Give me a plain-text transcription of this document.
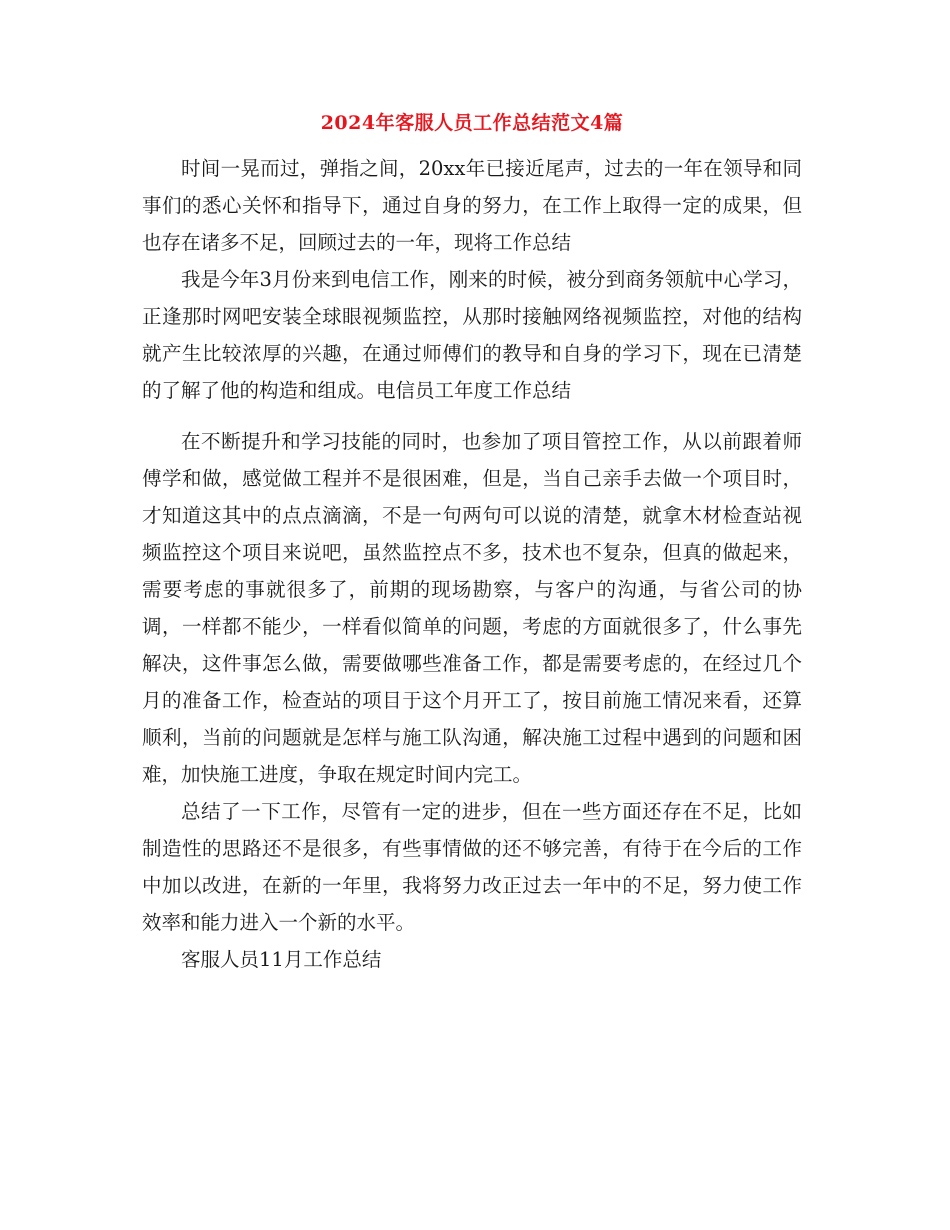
2024年客服人员工作总结范文4篇

时间一晃而过，弹指之间，20xx年已接近尾声，过去的一年在领导和同事们的悉心关怀和指导下，通过自身的努力，在工作上取得一定的成果，但也存在诸多不足，回顾过去的一年，现将工作总结

我是今年3月份来到电信工作，刚来的时候，被分到商务领航中心学习，正逢那时网吧安装全球眼视频监控，从那时接触网络视频监控，对他的结构就产生比较浓厚的兴趣，在通过师傅们的教导和自身的学习下，现在已清楚的了解了他的构造和组成。电信员工年度工作总结

在不断提升和学习技能的同时，也参加了项目管控工作，从以前跟着师傅学和做，感觉做工程并不是很困难，但是，当自己亲手去做一个项目时，才知道这其中的点点滴滴，不是一句两句可以说的清楚，就拿木材检查站视频监控这个项目来说吧，虽然监控点不多，技术也不复杂，但真的做起来，需要考虑的事就很多了，前期的现场勘察，与客户的沟通，与省公司的协调，一样都不能少，一样看似简单的问题，考虑的方面就很多了，什么事先解决，这件事怎么做，需要做哪些准备工作，都是需要考虑的，在经过几个月的准备工作，检查站的项目于这个月开工了，按目前施工情况来看，还算顺利，当前的问题就是怎样与施工队沟通，解决施工过程中遇到的问题和困难，加快施工进度，争取在规定时间内完工。

总结了一下工作，尽管有一定的进步，但在一些方面还存在不足，比如制造性的思路还不是很多，有些事情做的还不够完善，有待于在今后的工作中加以改进，在新的一年里，我将努力改正过去一年中的不足，努力使工作效率和能力进入一个新的水平。

客服人员11月工作总结
